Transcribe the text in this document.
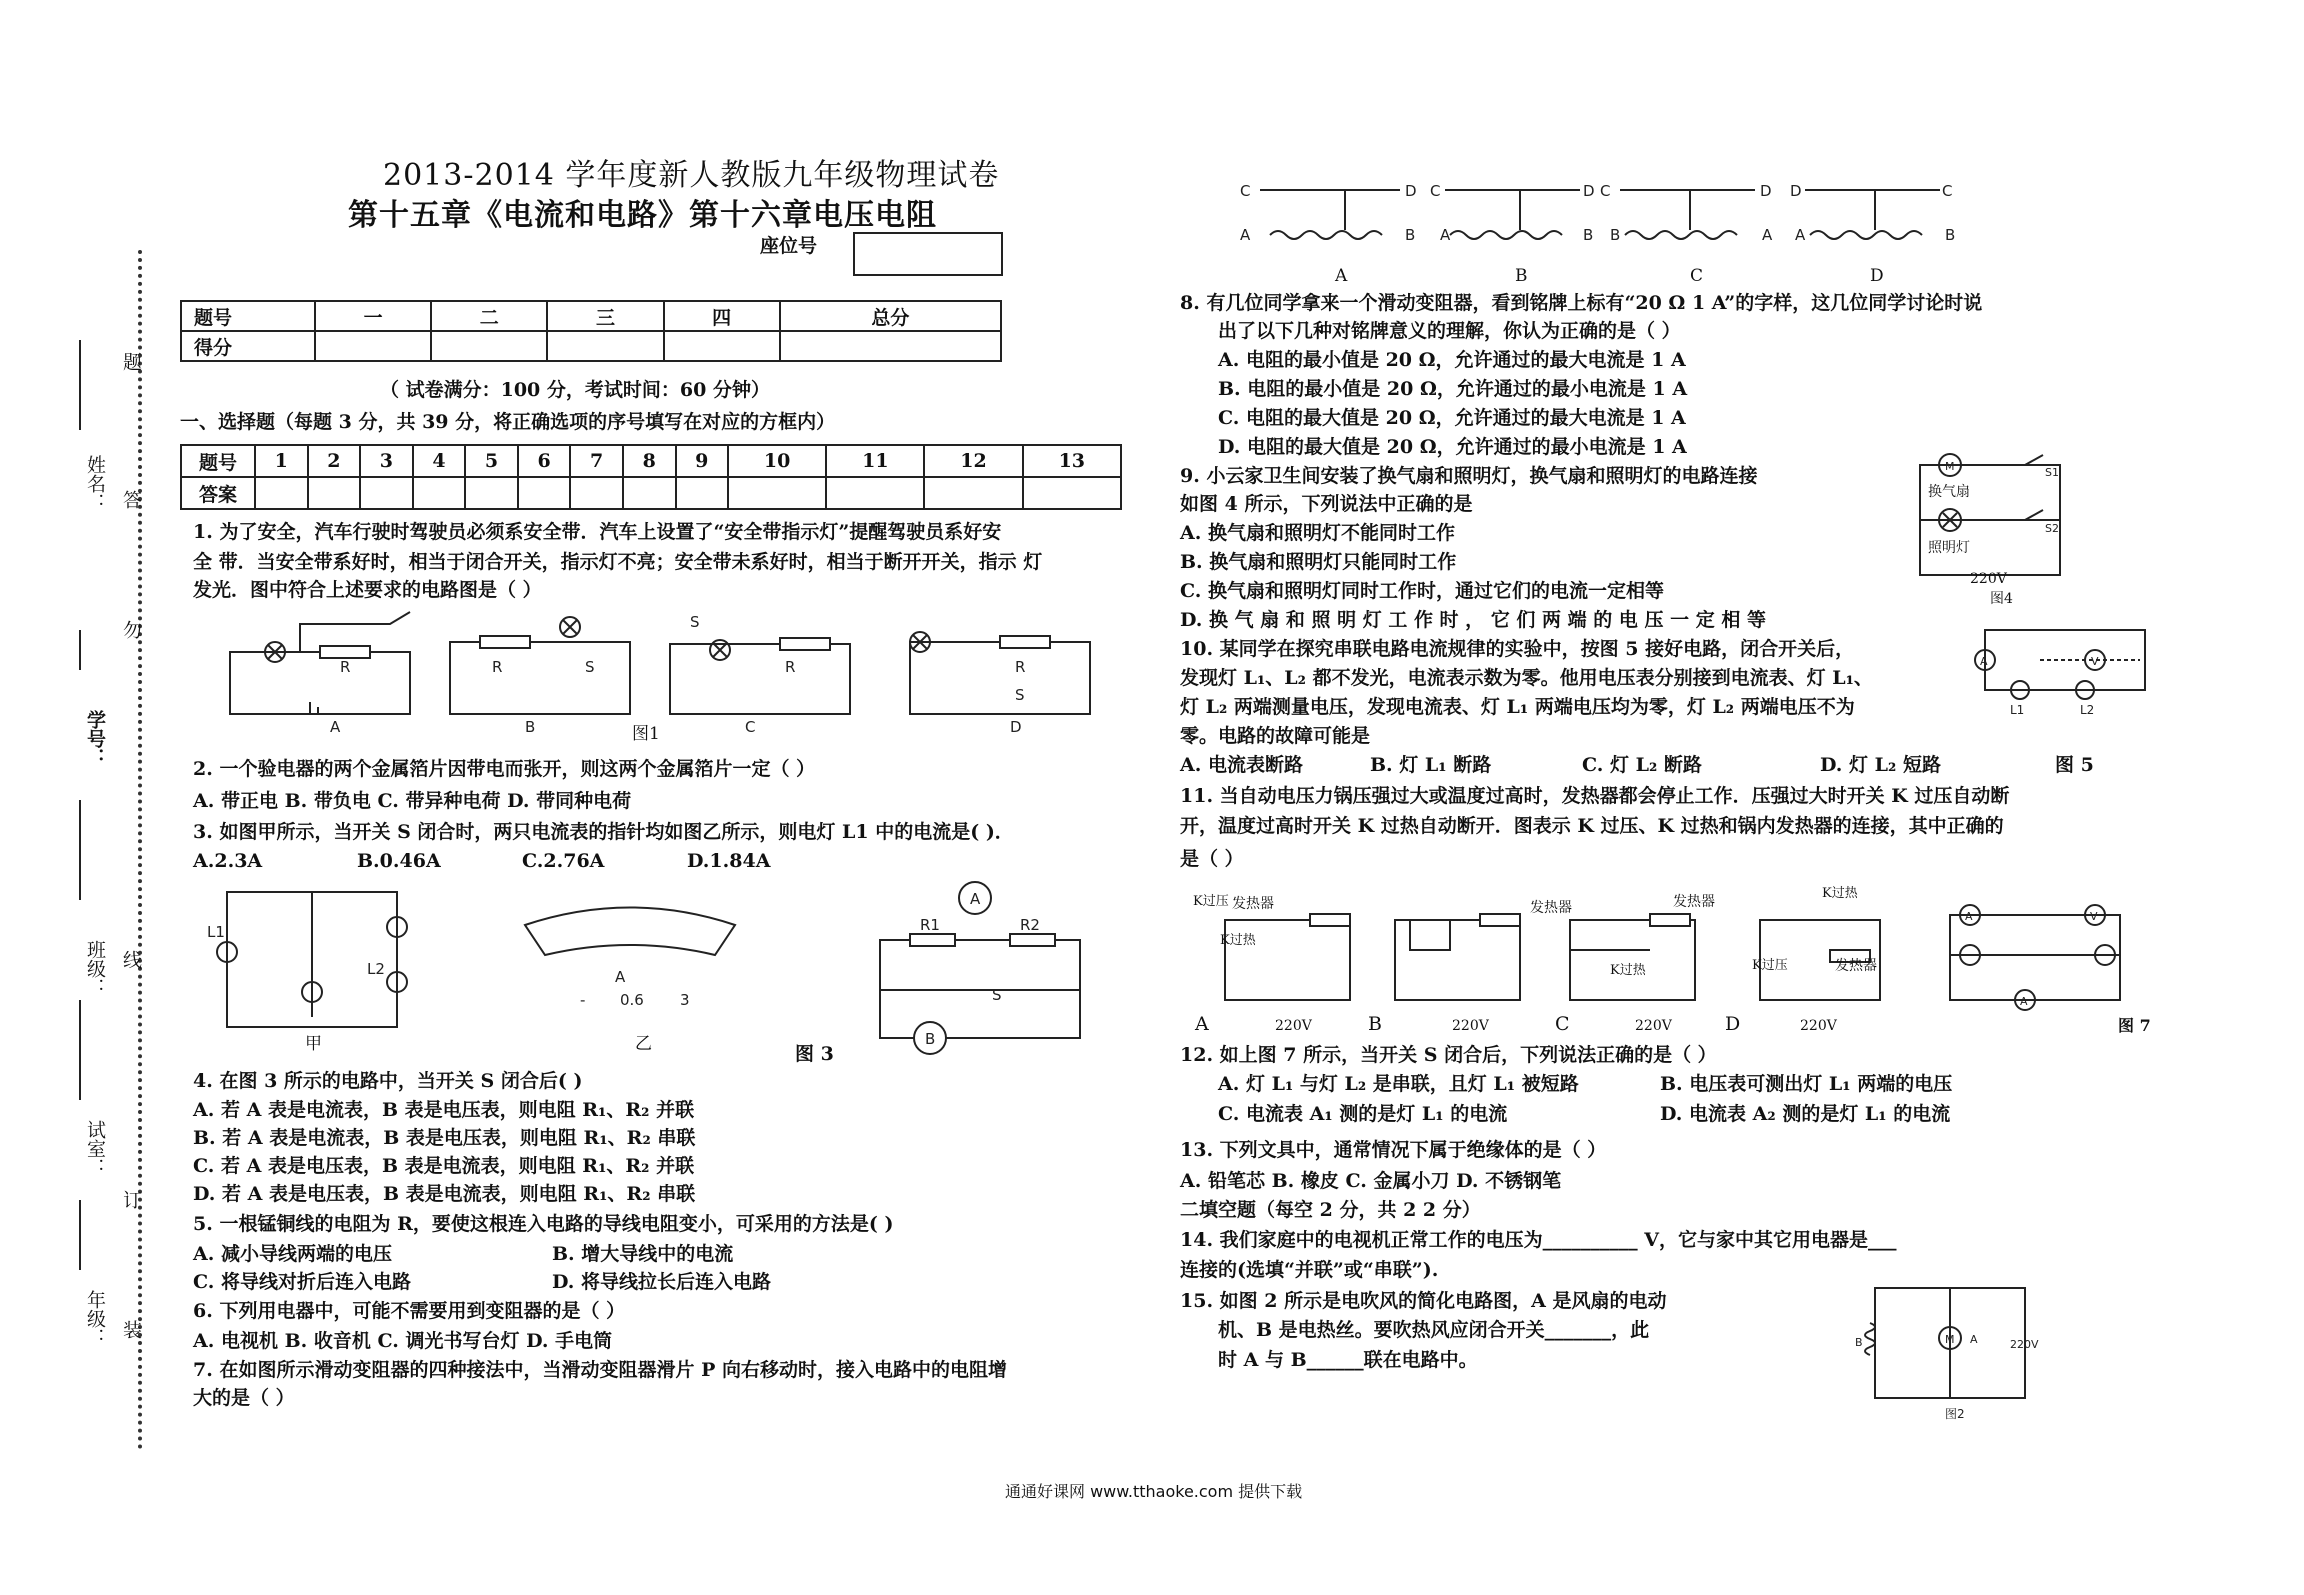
姓名：
学号：
班级：
试室：
年级：
题
答
勿
线
订
装
2013-2014 学年度新人教版九年级物理试卷
第十五章《电流和电路》第十六章电压电阻
座位号
题号	一	二	三	四	总分
得分					
（ 试卷满分：100 分，考试时间：60 分钟）
一、选择题（每题 3 分，共 39 分，将正确选项的序号填写在对应的方框内）
题号	1	2	3	4	5	6	7	8	9	10	11	12	13
答案													
1. 为了安全，汽车行驶时驾驶员必须系安全带．汽车上设置了“安全带指示灯”提醒驾驶员系好安
全 带．当安全带系好时，相当于闭合开关，指示灯不亮；安全带未系好时，相当于断开开关，指示 灯
发光．图中符合上述要求的电路图是（ ）
R
A
R	S
B
S
R
C
R
S
D
图1
2. 一个验电器的两个金属箔片因带电而张开，则这两个金属箔片一定（ ）
A. 带正电 B. 带负电 C. 带异种电荷 D. 带同种电荷
3. 如图甲所示，当开关 S 闭合时，两只电流表的指针均如图乙所示，则电灯 L1 中的电流是( )．
A.2.3A	B.0.46A	C.2.76A	D.1.84A
L1
L2
甲
A
- 0.6 3
乙
R1	R2
A
B
S
图 3
4. 在图 3 所示的电路中，当开关 S 闭合后( )
A. 若 A 表是电流表，B 表是电压表，则电阻 R₁、R₂ 并联
B. 若 A 表是电流表，B 表是电压表，则电阻 R₁、R₂ 串联
C. 若 A 表是电压表，B 表是电流表，则电阻 R₁、R₂ 并联
D. 若 A 表是电压表，B 表是电流表，则电阻 R₁、R₂ 串联
5. 一根锰铜线的电阻为 R，要使这根连入电路的导线电阻变小，可采用的方法是( )
A. 减小导线两端的电压	B. 增大导线中的电流
C. 将导线对折后连入电路	D. 将导线拉长后连入电路
6. 下列用电器中，可能不需要用到变阻器的是（ ）
A. 电视机 B. 收音机 C. 调光书写台灯 D. 手电筒
7. 在如图所示滑动变阻器的四种接法中，当滑动变阻器滑片 P 向右移动时，接入电路中的电阻增
大的是（ ）
C
A
D
B
C
A
D
B
C
B
D
A
D
A
C
B
A	B	C	D
8. 有几位同学拿来一个滑动变阻器，看到铭牌上标有“20 Ω 1 A”的字样，这几位同学讨论时说
出了以下几种对铭牌意义的理解，你认为正确的是（ ）
A. 电阻的最小值是 20 Ω，允许通过的最大电流是 1 A
B. 电阻的最小值是 20 Ω，允许通过的最小电流是 1 A
C. 电阻的最大值是 20 Ω，允许通过的最大电流是 1 A
D. 电阻的最大值是 20 Ω，允许通过的最小电流是 1 A
9. 小云家卫生间安装了换气扇和照明灯，换气扇和照明灯的电路连接
如图 4 所示，下列说法中正确的是
A. 换气扇和照明灯不能同时工作
B. 换气扇和照明灯只能同时工作
C. 换气扇和照明灯同时工作时，通过它们的电流一定相等
D. 换 气 扇 和 照 明 灯 工 作 时 ， 它 们 两 端 的 电 压 一 定 相 等
M	S1
S2
换气扇
照明灯
220V
图4
10. 某同学在探究串联电路电流规律的实验中，按图 5 接好电路，闭合开关后，
发现灯 L₁、L₂ 都不发光，电流表示数为零。他用电压表分别接到电流表、灯 L₁、
灯 L₂ 两端测量电压，发现电流表、灯 L₁ 两端电压均为零，灯 L₂ 两端电压不为
零。电路的故障可能是
A. 电流表断路	B. 灯 L₁ 断路	C. 灯 L₂ 断路	D. 灯 L₂ 短路	图 5
A	V
L1	L2
11. 当自动电压力锅压强过大或温度过高时，发热器都会停止工作．压强过大时开关 K 过压自动断
开，温度过高时开关 K 过热自动断开．图表示 K 过压、K 过热和锅内发热器的连接，其中正确的
是（ ）
发热器	发热器	发热器
发热器
K过热
K过热
K过热
K过压
K过压
A	B	C	D
220V	220V	220V	220V
A	V
A
图 7
12. 如上图 7 所示，当开关 S 闭合后，下列说法正确的是（ ）
A. 灯 L₁ 与灯 L₂ 是串联，且灯 L₁ 被短路	B. 电压表可测出灯 L₁ 两端的电压
C. 电流表 A₁ 测的是灯 L₁ 的电流	D. 电流表 A₂ 测的是灯 L₁ 的电流
13. 下列文具中，通常情况下属于绝缘体的是（ ）
A. 铅笔芯 B. 橡皮 C. 金属小刀 D. 不锈钢笔
二填空题（每空 2 分，共 2 2 分）
14. 我们家庭中的电视机正常工作的电压为__________ V，它与家中其它用电器是___
连接的(选填“并联”或“串联”).
15. 如图 2 所示是电吹风的简化电路图，A 是风扇的电动
机、B 是电热丝。要吹热风应闭合开关_______，此
时 A 与 B______联在电路中。
M
B	A	220V
图2
通通好课网 www.tthaoke.com 提供下载
